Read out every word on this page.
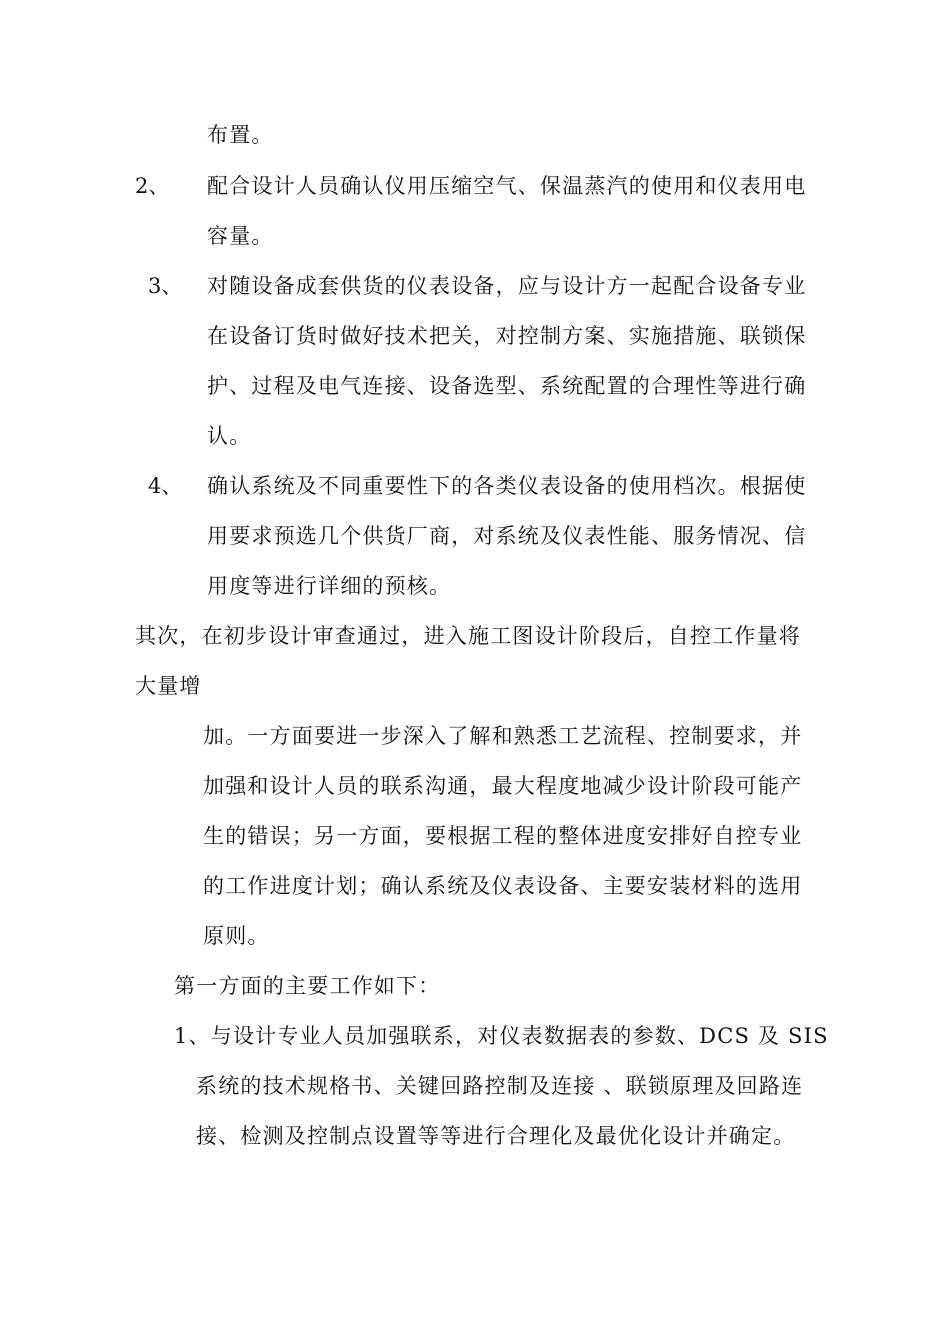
布置。
2、 配合设计人员确认仪用压缩空气、保温蒸汽的使用和仪表用电
容量。
3、 对随设备成套供货的仪表设备，应与设计方一起配合设备专业
在设备订货时做好技术把关，对控制方案、实施措施、联锁保
护、过程及电气连接、设备选型、系统配置的合理性等进行确
认。
4、 确认系统及不同重要性下的各类仪表设备的使用档次。根据使
用要求预选几个供货厂商，对系统及仪表性能、服务情况、信
用度等进行详细的预核。
其次，在初步设计审查通过，进入施工图设计阶段后，自控工作量将
大量增
加。一方面要进一步深入了解和熟悉工艺流程、控制要求，并
加强和设计人员的联系沟通，最大程度地减少设计阶段可能产
生的错误；另一方面，要根据工程的整体进度安排好自控专业
的工作进度计划；确认系统及仪表设备、主要安装材料的选用
原则。
第一方面的主要工作如下：
1、与设计专业人员加强联系，对仪表数据表的参数、DCS 及 SIS
系统的技术规格书、关键回路控制及连接 、联锁原理及回路连
接、检测及控制点设置等等进行合理化及最优化设计并确定。
